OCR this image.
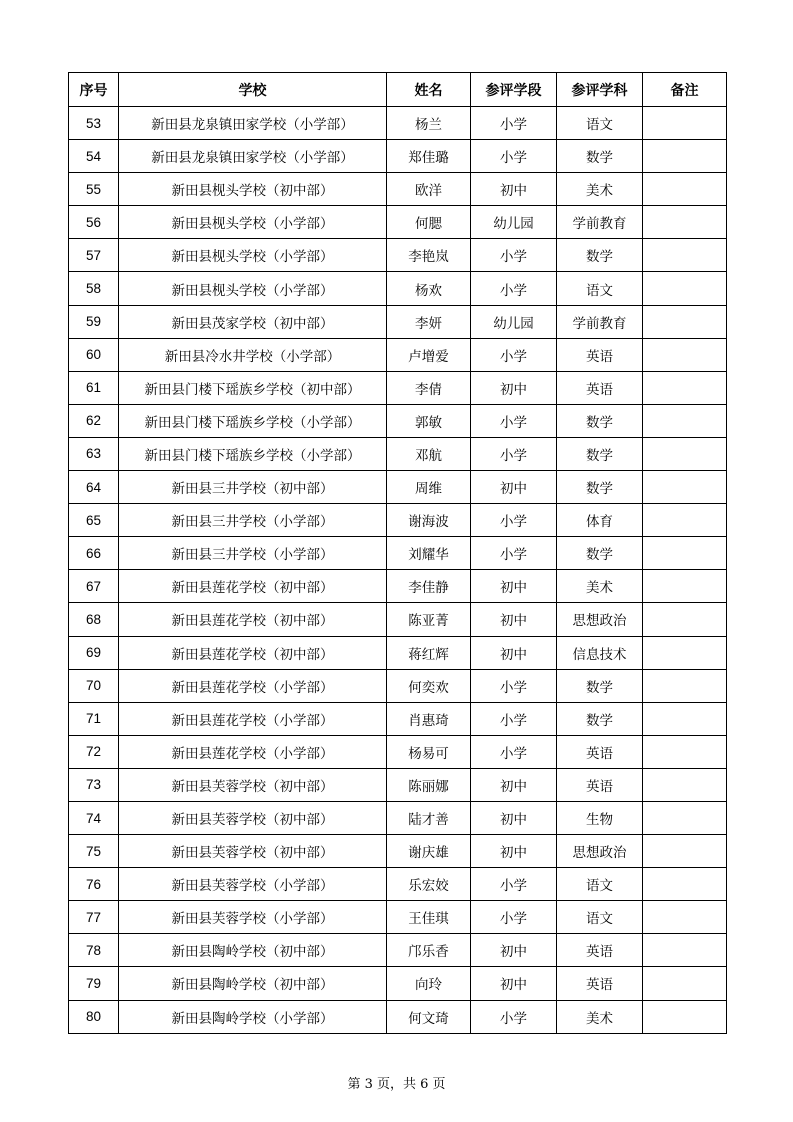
序号	学校	姓名	参评学段	参评学科	备注
53	新田县龙泉镇田家学校（小学部）	杨兰	小学	语文	
54	新田县龙泉镇田家学校（小学部）	郑佳璐	小学	数学	
55	新田县枧头学校（初中部）	欧洋	初中	美术	
56	新田县枧头学校（小学部）	何腮	幼儿园	学前教育	
57	新田县枧头学校（小学部）	李艳岚	小学	数学	
58	新田县枧头学校（小学部）	杨欢	小学	语文	
59	新田县茂家学校（初中部）	李妍	幼儿园	学前教育	
60	新田县冷水井学校（小学部）	卢增爱	小学	英语	
61	新田县门楼下瑶族乡学校（初中部）	李倩	初中	英语	
62	新田县门楼下瑶族乡学校（小学部）	郭敏	小学	数学	
63	新田县门楼下瑶族乡学校（小学部）	邓航	小学	数学	
64	新田县三井学校（初中部）	周维	初中	数学	
65	新田县三井学校（小学部）	谢海波	小学	体育	
66	新田县三井学校（小学部）	刘耀华	小学	数学	
67	新田县莲花学校（初中部）	李佳静	初中	美术	
68	新田县莲花学校（初中部）	陈亚菁	初中	思想政治	
69	新田县莲花学校（初中部）	蒋红辉	初中	信息技术	
70	新田县莲花学校（小学部）	何奕欢	小学	数学	
71	新田县莲花学校（小学部）	肖惠琦	小学	数学	
72	新田县莲花学校（小学部）	杨易可	小学	英语	
73	新田县芙蓉学校（初中部）	陈丽娜	初中	英语	
74	新田县芙蓉学校（初中部）	陆才善	初中	生物	
75	新田县芙蓉学校（初中部）	谢庆雄	初中	思想政治	
76	新田县芙蓉学校（小学部）	乐宏姣	小学	语文	
77	新田县芙蓉学校（小学部）	王佳琪	小学	语文	
78	新田县陶岭学校（初中部）	邝乐香	初中	英语	
79	新田县陶岭学校（初中部）	向玲	初中	英语	
80	新田县陶岭学校（小学部）	何文琦	小学	美术	
第 3 页，共 6 页
